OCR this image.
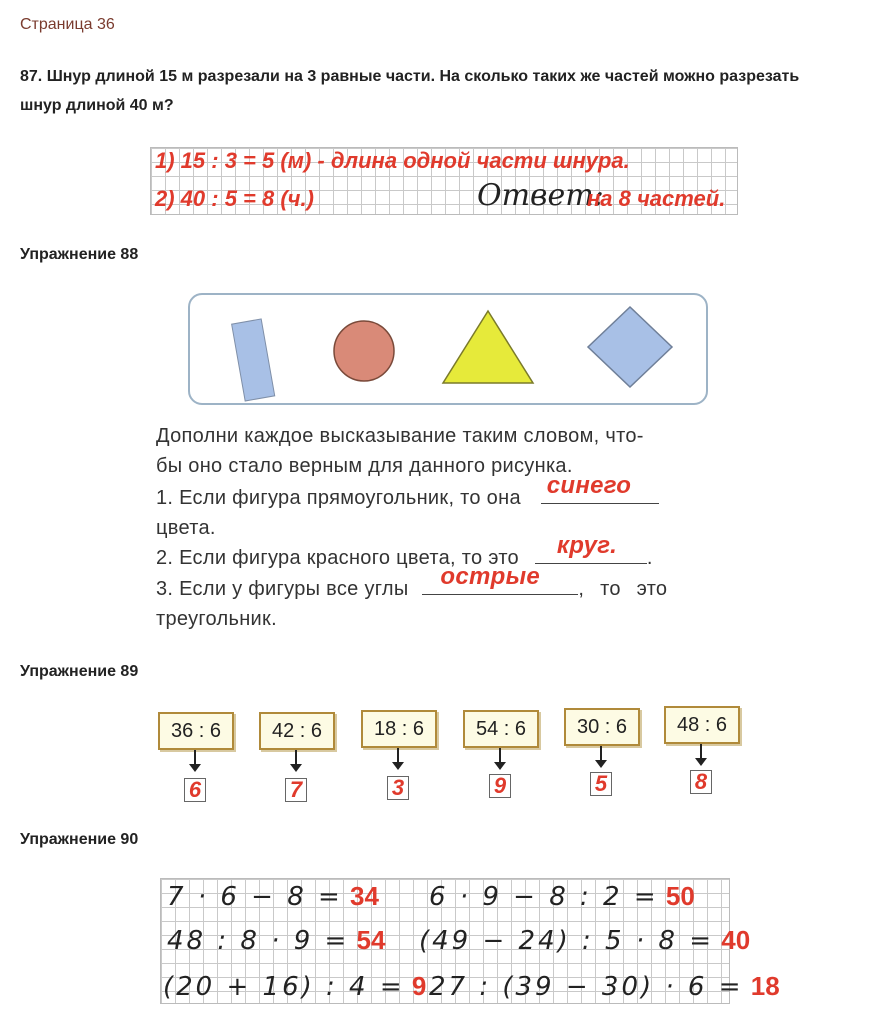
Страница 36
87. Шнур длиной 15 м разрезали на 3 равные части. На сколько таких же частей можно разрезать шнур длиной 40 м?
1) 15 : 3 = 5 (м) - длина одной части шнура.
2) 40 : 5 = 8 (ч.)	Ответ:
на 8 частей.
Упражнение 88
Дополни каждое высказывание таким словом, что-
бы оно стало верным для данного рисунка.
1. Если фигура прямоугольник, то она синего
цвета.
2. Если фигура красного цвета, то это круг. .
3. Если у фигуры все углы острые , то это
треугольник.
Упражнение 89
36 : 6
6
42 : 6
7
18 : 6
3
54 : 6
9
30 : 6
5
48 : 6
8
Упражнение 90
7 · 6 − 8 = 34 6 · 9 − 8 : 2 = 50
48 : 8 · 9 = 54 (49 − 24) : 5 · 8 = 40
(20 + 16) : 4 = 9 27 : (39 − 30) · 6 = 18
